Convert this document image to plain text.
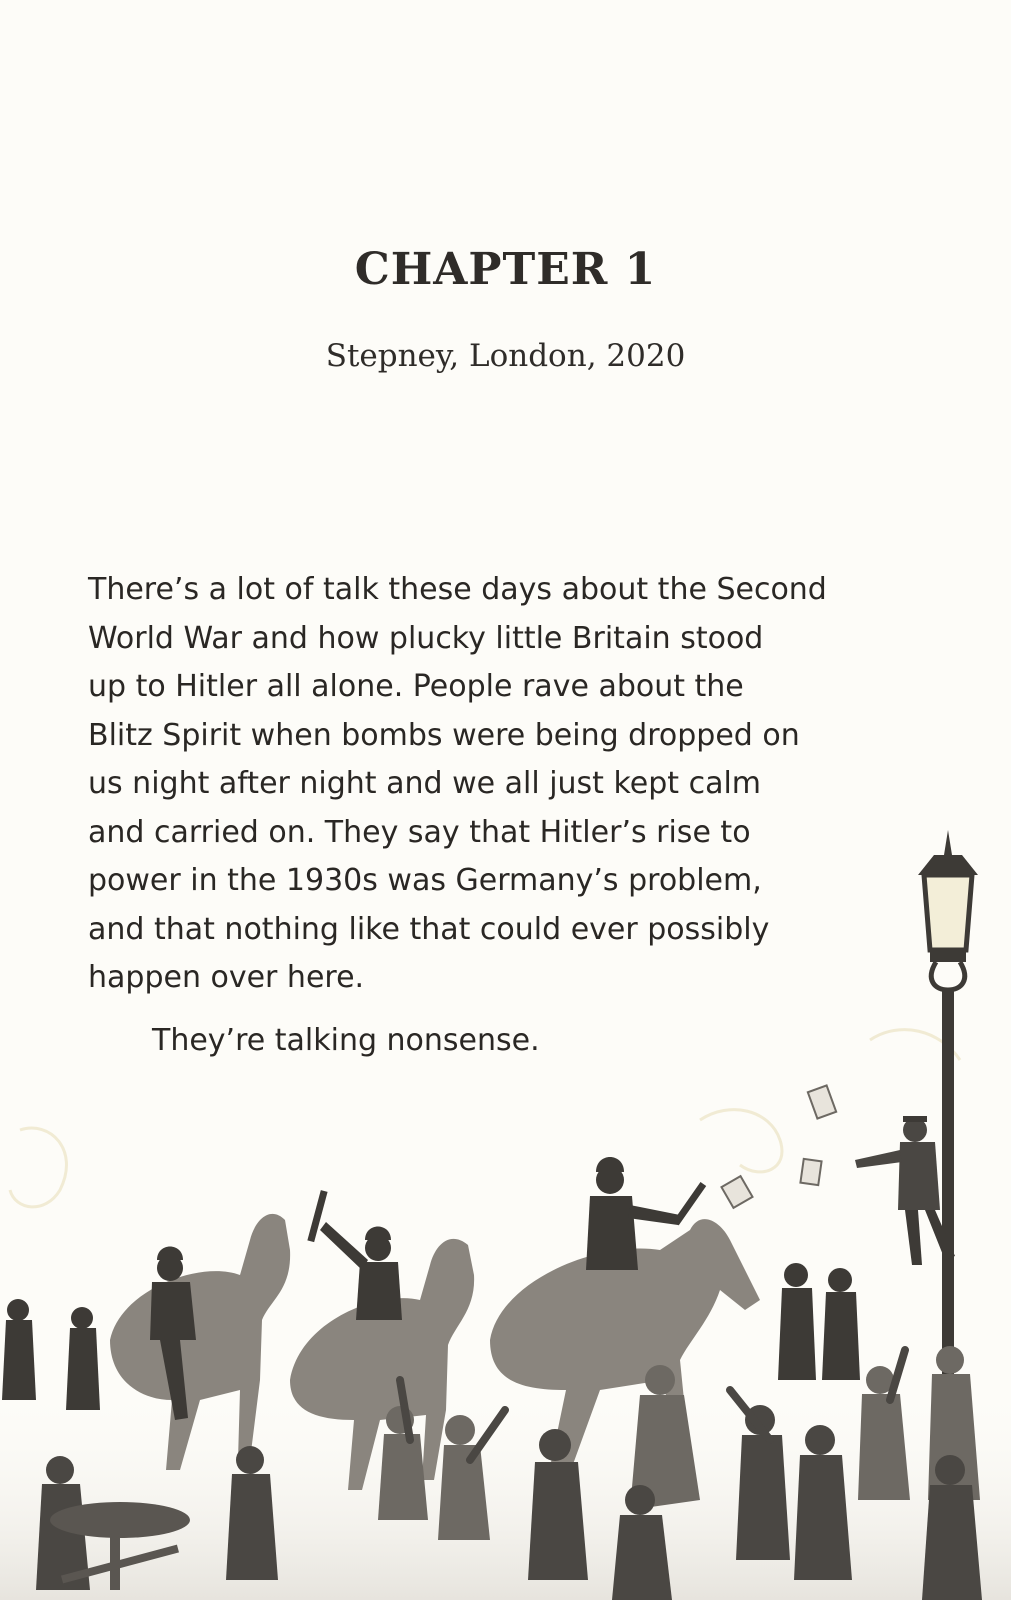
CHAPTER 1
Stepney, London, 2020
There’s a lot of talk these days about the Second
World War and how plucky little Britain stood
up to Hitler all alone. People rave about the
Blitz Spirit when bombs were being dropped on
us night after night and we all just kept calm
and carried on. They say that Hitler’s rise to
power in the 1930s was Germany’s problem,
and that nothing like that could ever possibly
happen over here.
They’re talking nonsense.
